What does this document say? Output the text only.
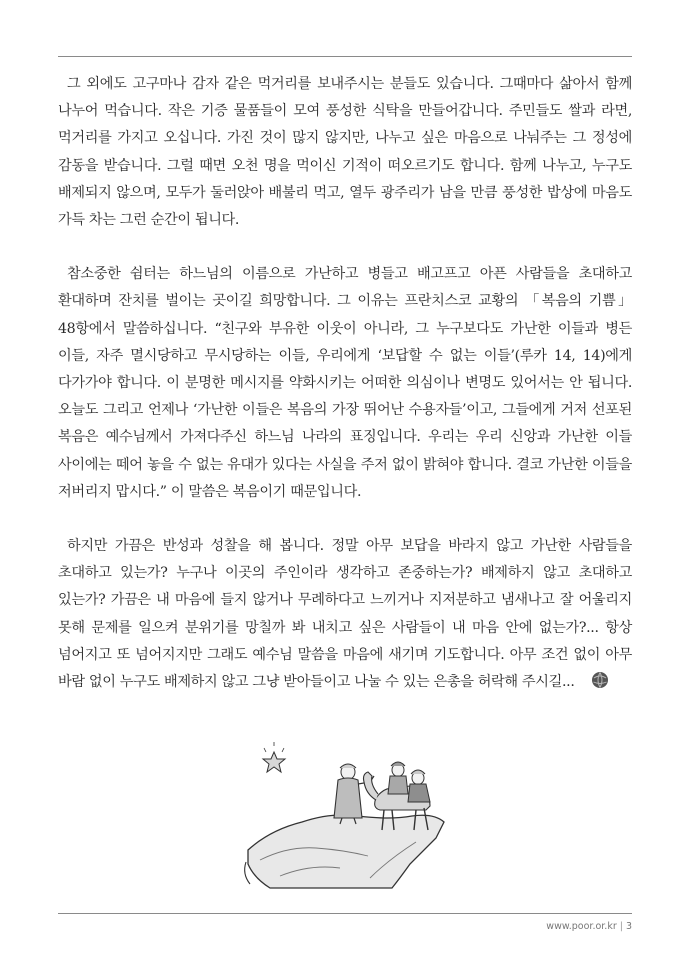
그 외에도 고구마나 감자 같은 먹거리를 보내주시는 분들도 있습니다. 그때마다 삶아서 함께 나누어 먹습니다. 작은 기증 물품들이 모여 풍성한 식탁을 만들어갑니다. 주민들도 쌀과 라면, 먹거리를 가지고 오십니다. 가진 것이 많지 않지만, 나누고 싶은 마음으로 나눠주는 그 정성에 감동을 받습니다. 그럴 때면 오천 명을 먹이신 기적이 떠오르기도 합니다. 함께 나누고, 누구도 배제되지 않으며, 모두가 둘러앉아 배불리 먹고, 열두 광주리가 남을 만큼 풍성한 밥상에 마음도 가득 차는 그런 순간이 됩니다.

참소중한 쉼터는 하느님의 이름으로 가난하고 병들고 배고프고 아픈 사람들을 초대하고 환대하며 잔치를 벌이는 곳이길 희망합니다. 그 이유는 프란치스코 교황의 「복음의 기쁨」 48항에서 말씀하십니다. “친구와 부유한 이웃이 아니라, 그 누구보다도 가난한 이들과 병든 이들, 자주 멸시당하고 무시당하는 이들, 우리에게 ‘보답할 수 없는 이들’(루카 14, 14)에게 다가가야 합니다. 이 분명한 메시지를 약화시키는 어떠한 의심이나 변명도 있어서는 안 됩니다. 오늘도 그리고 언제나 ‘가난한 이들은 복음의 가장 뛰어난 수용자들’이고, 그들에게 거저 선포된 복음은 예수님께서 가져다주신 하느님 나라의 표징입니다. 우리는 우리 신앙과 가난한 이들 사이에는 떼어 놓을 수 없는 유대가 있다는 사실을 주저 없이 밝혀야 합니다. 결코 가난한 이들을 저버리지 맙시다.” 이 말씀은 복음이기 때문입니다.

하지만 가끔은 반성과 성찰을 해 봅니다. 정말 아무 보답을 바라지 않고 가난한 사람들을 초대하고 있는가? 누구나 이곳의 주인이라 생각하고 존중하는가? 배제하지 않고 초대하고 있는가? 가끔은 내 마음에 들지 않거나 무례하다고 느끼거나 지저분하고 냄새나고 잘 어울리지 못해 문제를 일으켜 분위기를 망칠까 봐 내치고 싶은 사람들이 내 마음 안에 없는가?... 항상 넘어지고 또 넘어지지만 그래도 예수님 말씀을 마음에 새기며 기도합니다. 아무 조건 없이 아무 바람 없이 누구도 배제하지 않고 그냥 받아들이고 나눌 수 있는 은총을 허락해 주시길...

www.poor.or.kr | 3
